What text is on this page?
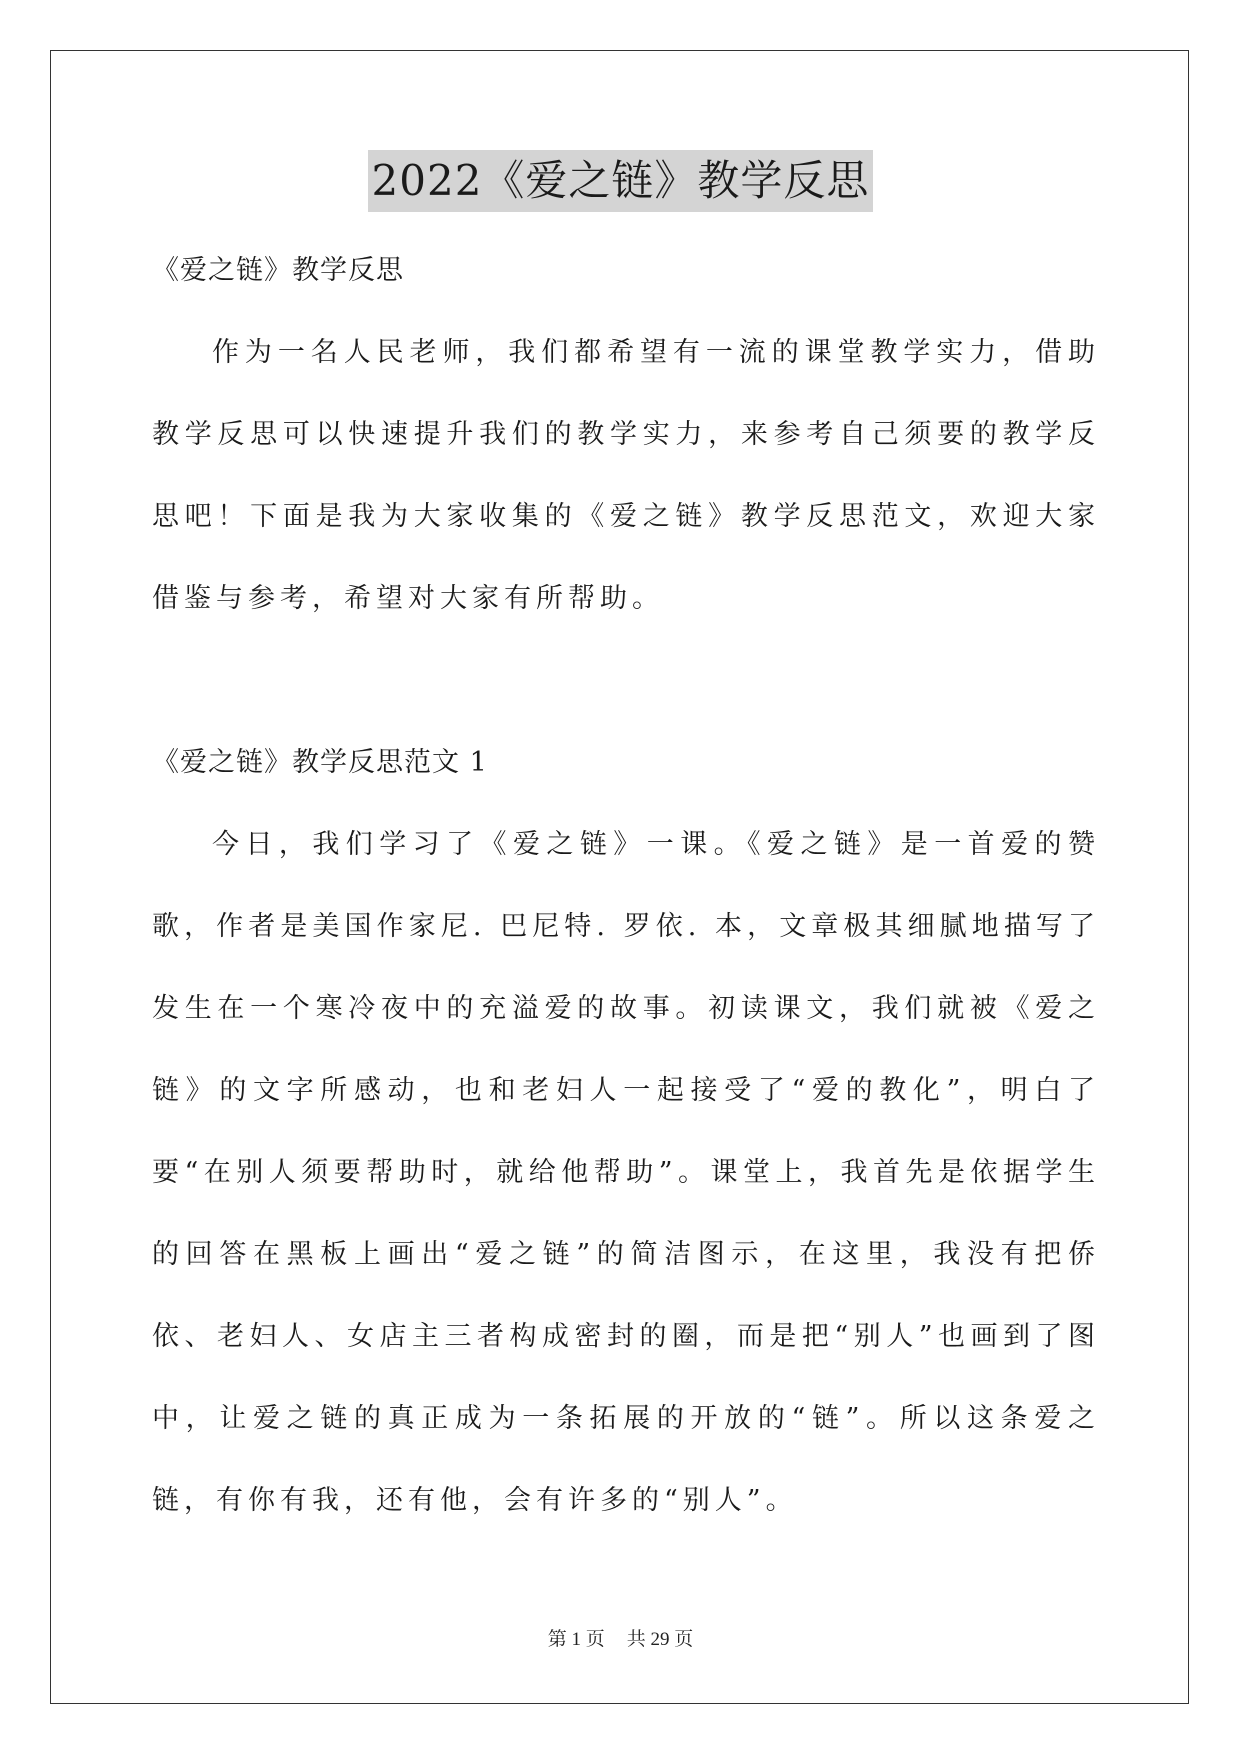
2022《爱之链》教学反思

《爱之链》教学反思

作为一名人民老师，我们都希望有一流的课堂教学实力，借助教学反思可以快速提升我们的教学实力，来参考自己须要的教学反思吧！下面是我为大家收集的《爱之链》教学反思范文，欢迎大家借鉴与参考，希望对大家有所帮助。

《爱之链》教学反思范文 1

今日，我们学习了《爱之链》一课。《爱之链》是一首爱的赞歌，作者是美国作家尼. 巴尼特. 罗依. 本，文章极其细腻地描写了发生在一个寒冷夜中的充溢爱的故事。初读课文，我们就被《爱之链》的文字所感动，也和老妇人一起接受了“爱的教化”，明白了要“在别人须要帮助时，就给他帮助”。课堂上，我首先是依据学生的回答在黑板上画出“爱之链”的简洁图示，在这里，我没有把侨依、老妇人、女店主三者构成密封的圈，而是把“别人”也画到了图中，让爱之链的真正成为一条拓展的开放的“链”。所以这条爱之链，有你有我，还有他，会有许多的“别人”。

第 1 页 共 29 页
